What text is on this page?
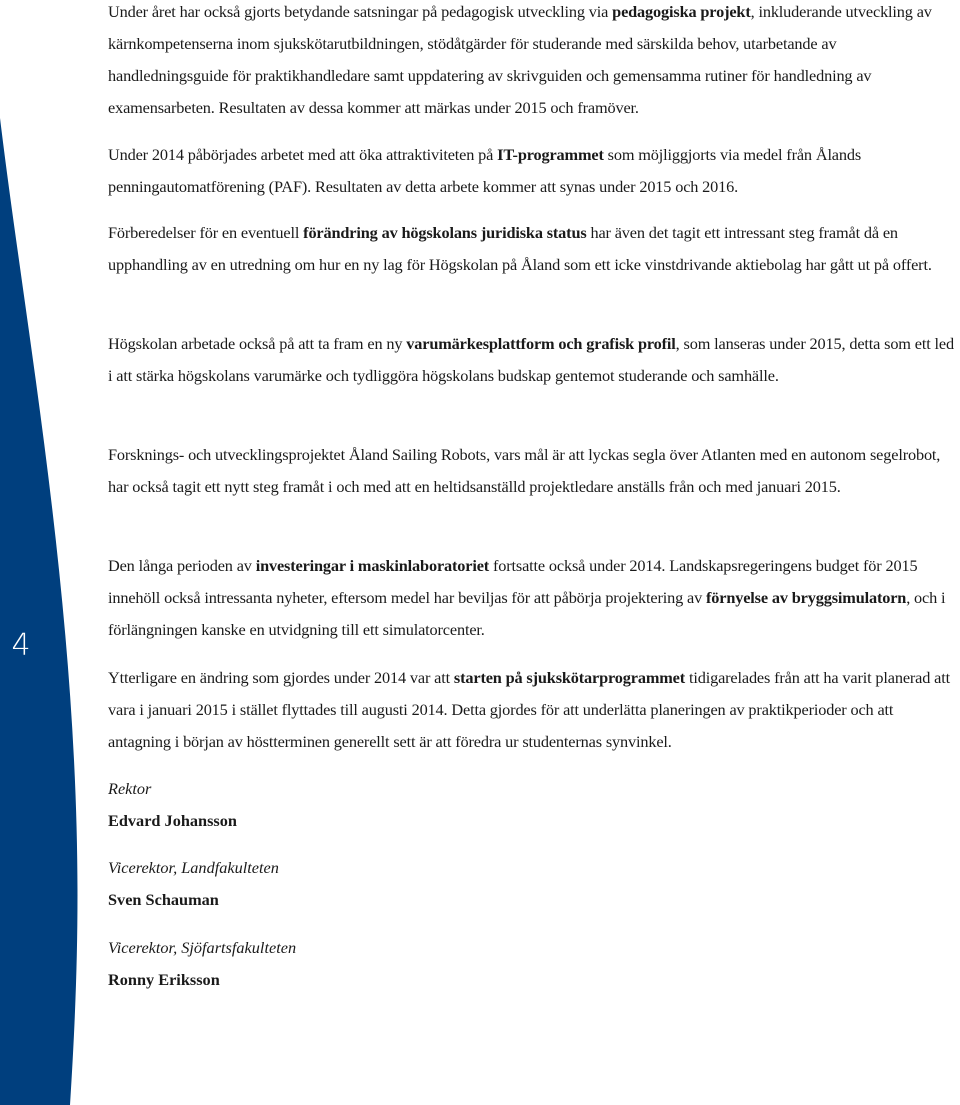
4

Under året har också gjorts betydande satsningar på pedagogisk utveckling via pedagogiska projekt, inkluderande utveckling av kärnkompetenserna inom sjukskötarutbildningen, stödåtgärder för studerande med särskilda behov, utarbetande av handledningsguide för praktikhandledare samt uppdatering av skrivguiden och gemensamma rutiner för handledning av examensarbeten. Resultaten av dessa kommer att märkas under 2015 och framöver.

Under 2014 påbörjades arbetet med att öka attraktiviteten på IT-programmet som möjliggjorts via medel från Ålands penningautomatförening (PAF). Resultaten av detta arbete kommer att synas under 2015 och 2016.

Förberedelser för en eventuell förändring av högskolans juridiska status har även det tagit ett intressant steg framåt då en upphandling av en utredning om hur en ny lag för Högskolan på Åland som ett icke vinstdrivande aktiebolag har gått ut på offert.

Högskolan arbetade också på att ta fram en ny varumärkesplattform och grafisk profil, som lanseras under 2015, detta som ett led i att stärka högskolans varumärke och tydliggöra högskolans budskap gentemot studerande och samhälle.

Forsknings- och utvecklingsprojektet Åland Sailing Robots, vars mål är att lyckas segla över Atlanten med en autonom segelrobot, har också tagit ett nytt steg framåt i och med att en heltidsanställd projektledare anställs från och med januari 2015.

Den långa perioden av investeringar i maskinlaboratoriet fortsatte också under 2014. Landskapsregeringens budget för 2015 innehöll också intressanta nyheter, eftersom medel har beviljas för att påbörja projektering av förnyelse av bryggsimulatorn, och i förlängningen kanske en utvidgning till ett simulatorcenter.

Ytterligare en ändring som gjordes under 2014 var att starten på sjukskötarprogrammet tidigarelades från att ha varit planerad att vara i januari 2015 i stället flyttades till augusti 2014. Detta gjordes för att underlätta planeringen av praktikperioder och att antagning i början av höstterminen generellt sett är att föredra ur studenternas synvinkel.

Rektor

Edvard Johansson

Vicerektor, Landfakulteten

Sven Schauman

Vicerektor, Sjöfartsfakulteten

Ronny Eriksson
